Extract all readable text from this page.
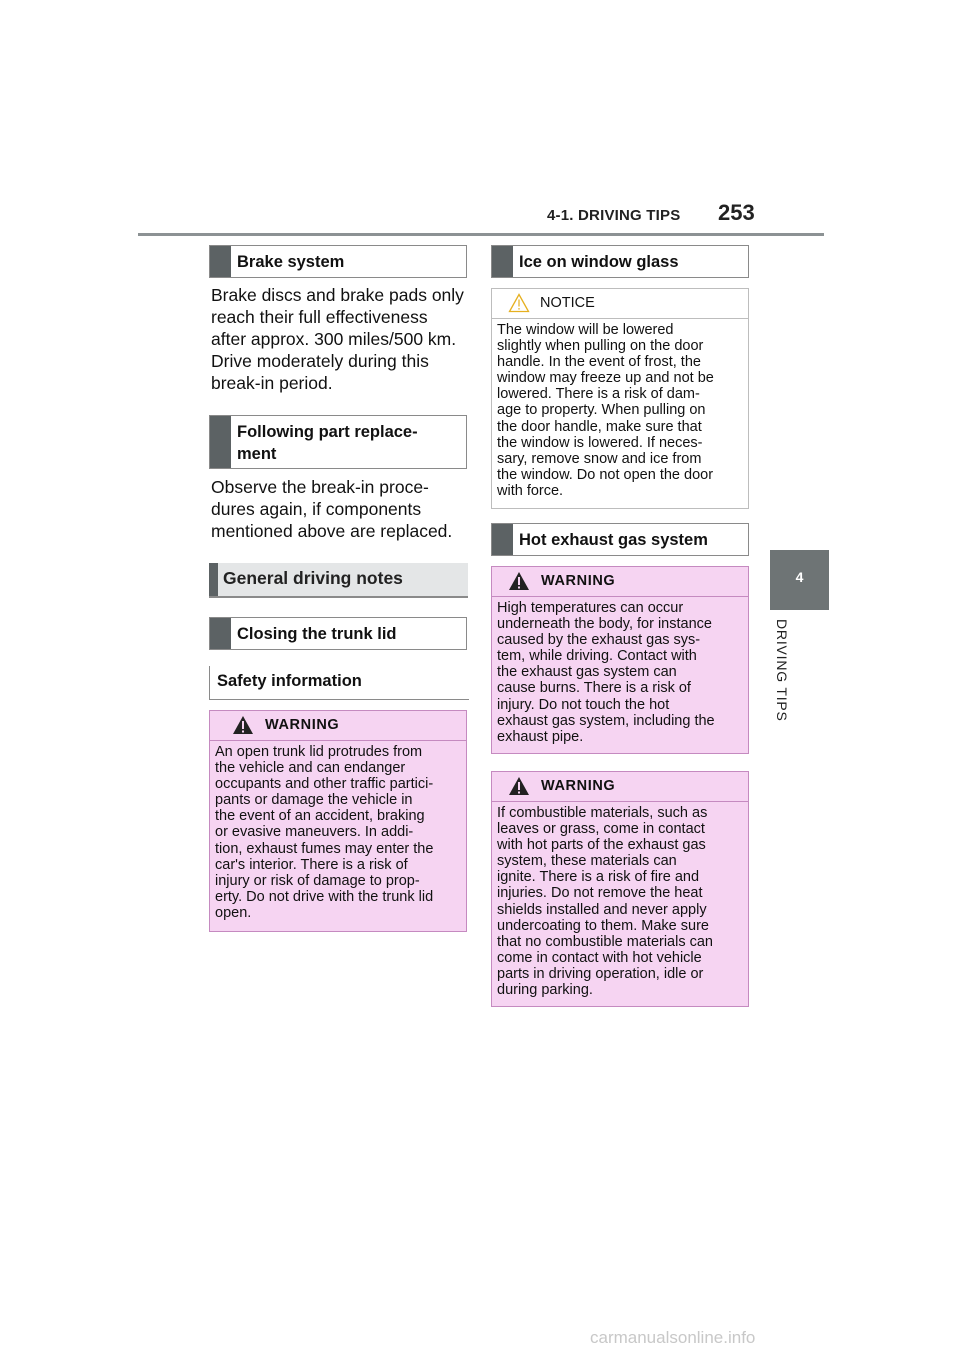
4-1. DRIVING TIPS 253
4
DRIVING TIPS
Brake system
Brake discs and brake pads only
reach their full effectiveness
after approx. 300 miles/500 km.
Drive moderately during this
break-in period.
Following part replace-
ment
Observe the break-in proce-
dures again, if components
mentioned above are replaced.
General driving notes
Closing the trunk lid
Safety information
WARNING
An open trunk lid protrudes from
the vehicle and can endanger
occupants and other traffic partici-
pants or damage the vehicle in
the event of an accident, braking
or evasive maneuvers. In addi-
tion, exhaust fumes may enter the
car's interior. There is a risk of
injury or risk of damage to prop-
erty. Do not drive with the trunk lid
open.
Ice on window glass
NOTICE
The window will be lowered
slightly when pulling on the door
handle. In the event of frost, the
window may freeze up and not be
lowered. There is a risk of dam-
age to property. When pulling on
the door handle, make sure that
the window is lowered. If neces-
sary, remove snow and ice from
the window. Do not open the door
with force.
Hot exhaust gas system
WARNING
High temperatures can occur
underneath the body, for instance
caused by the exhaust gas sys-
tem, while driving. Contact with
the exhaust gas system can
cause burns. There is a risk of
injury. Do not touch the hot
exhaust gas system, including the
exhaust pipe.
WARNING
If combustible materials, such as
leaves or grass, come in contact
with hot parts of the exhaust gas
system, these materials can
ignite. There is a risk of fire and
injuries. Do not remove the heat
shields installed and never apply
undercoating to them. Make sure
that no combustible materials can
come in contact with hot vehicle
parts in driving operation, idle or
during parking.
carmanualsonline.info
